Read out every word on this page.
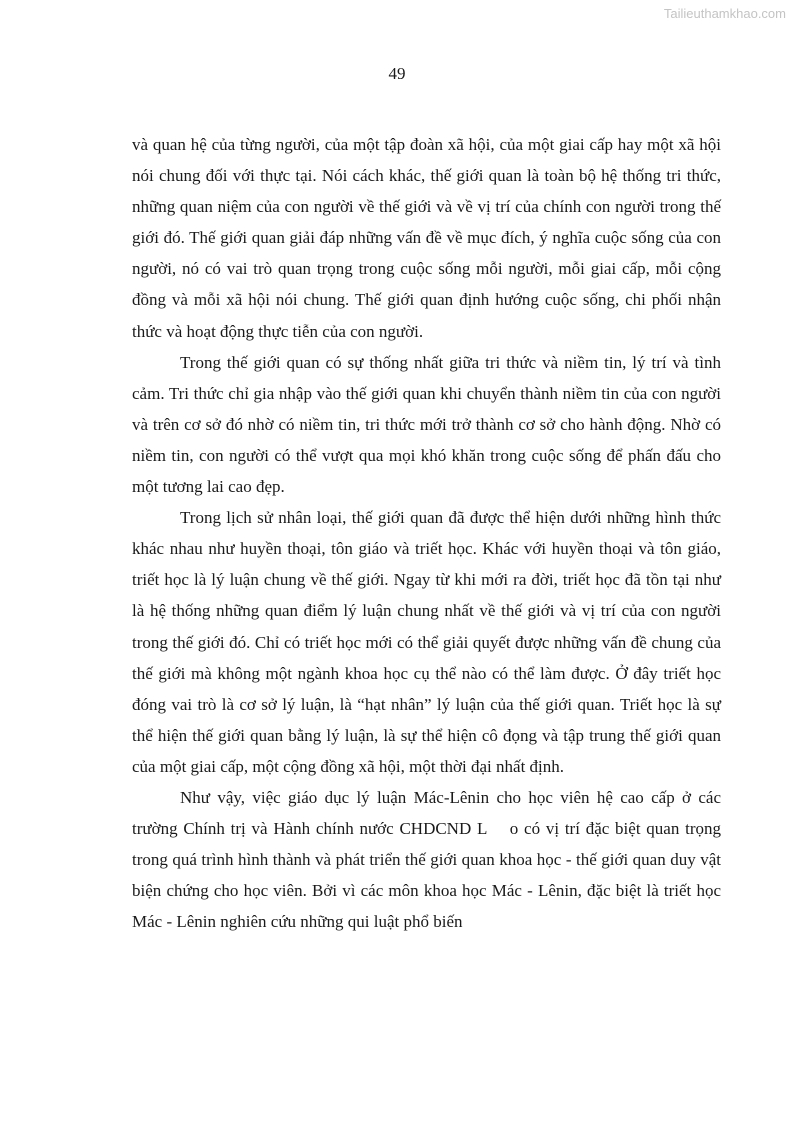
Tailieuthamkhao.com
49

và quan hệ của từng người, của một tập đoàn xã hội, của một giai cấp hay một xã hội nói chung đối với thực tại. Nói cách khác, thế giới quan là toàn bộ hệ thống tri thức, những quan niệm của con người về thế giới và về vị trí của chính con người trong thế giới đó. Thế giới quan giải đáp những vấn đề về mục đích, ý nghĩa cuộc sống của con người, nó có vai trò quan trọng trong cuộc sống mỗi người, mỗi giai cấp, mỗi cộng đồng và mỗi xã hội nói chung. Thế giới quan định hướng cuộc sống, chi phối nhận thức và hoạt động thực tiễn của con người.

Trong thế giới quan có sự thống nhất giữa tri thức và niềm tin, lý trí và tình cảm. Tri thức chỉ gia nhập vào thế giới quan khi chuyển thành niềm tin của con người và trên cơ sở đó nhờ có niềm tin, tri thức mới trở thành cơ sở cho hành động. Nhờ có niềm tin, con người có thể vượt qua mọi khó khăn trong cuộc sống để phấn đấu cho một tương lai cao đẹp.

Trong lịch sử nhân loại, thế giới quan đã được thể hiện dưới những hình thức khác nhau như huyền thoại, tôn giáo và triết học. Khác với huyền thoại và tôn giáo, triết học là lý luận chung về thế giới. Ngay từ khi mới ra đời, triết học đã tồn tại như là hệ thống những quan điểm lý luận chung nhất về thế giới và vị trí của con người trong thế giới đó. Chỉ có triết học mới có thể giải quyết được những vấn đề chung của thế giới mà không một ngành khoa học cụ thể nào có thể làm được. Ở đây triết học đóng vai trò là cơ sở lý luận, là “hạt nhân” lý luận của thế giới quan. Triết học là sự thể hiện thế giới quan bằng lý luận, là sự thể hiện cô đọng và tập trung thế giới quan của một giai cấp, một cộng đồng xã hội, một thời đại nhất định.

Như vậy, việc giáo dục lý luận Mác-Lênin cho học viên hệ cao cấp ở các trường Chính trị và Hành chính nước CHDCND L    o có vị trí đặc biệt quan trọng trong quá trình hình thành và phát triển thế giới quan khoa học - thế giới quan duy vật biện chứng cho học viên. Bởi vì các môn khoa học Mác - Lênin, đặc biệt là triết học Mác - Lênin nghiên cứu những qui luật phổ biến
